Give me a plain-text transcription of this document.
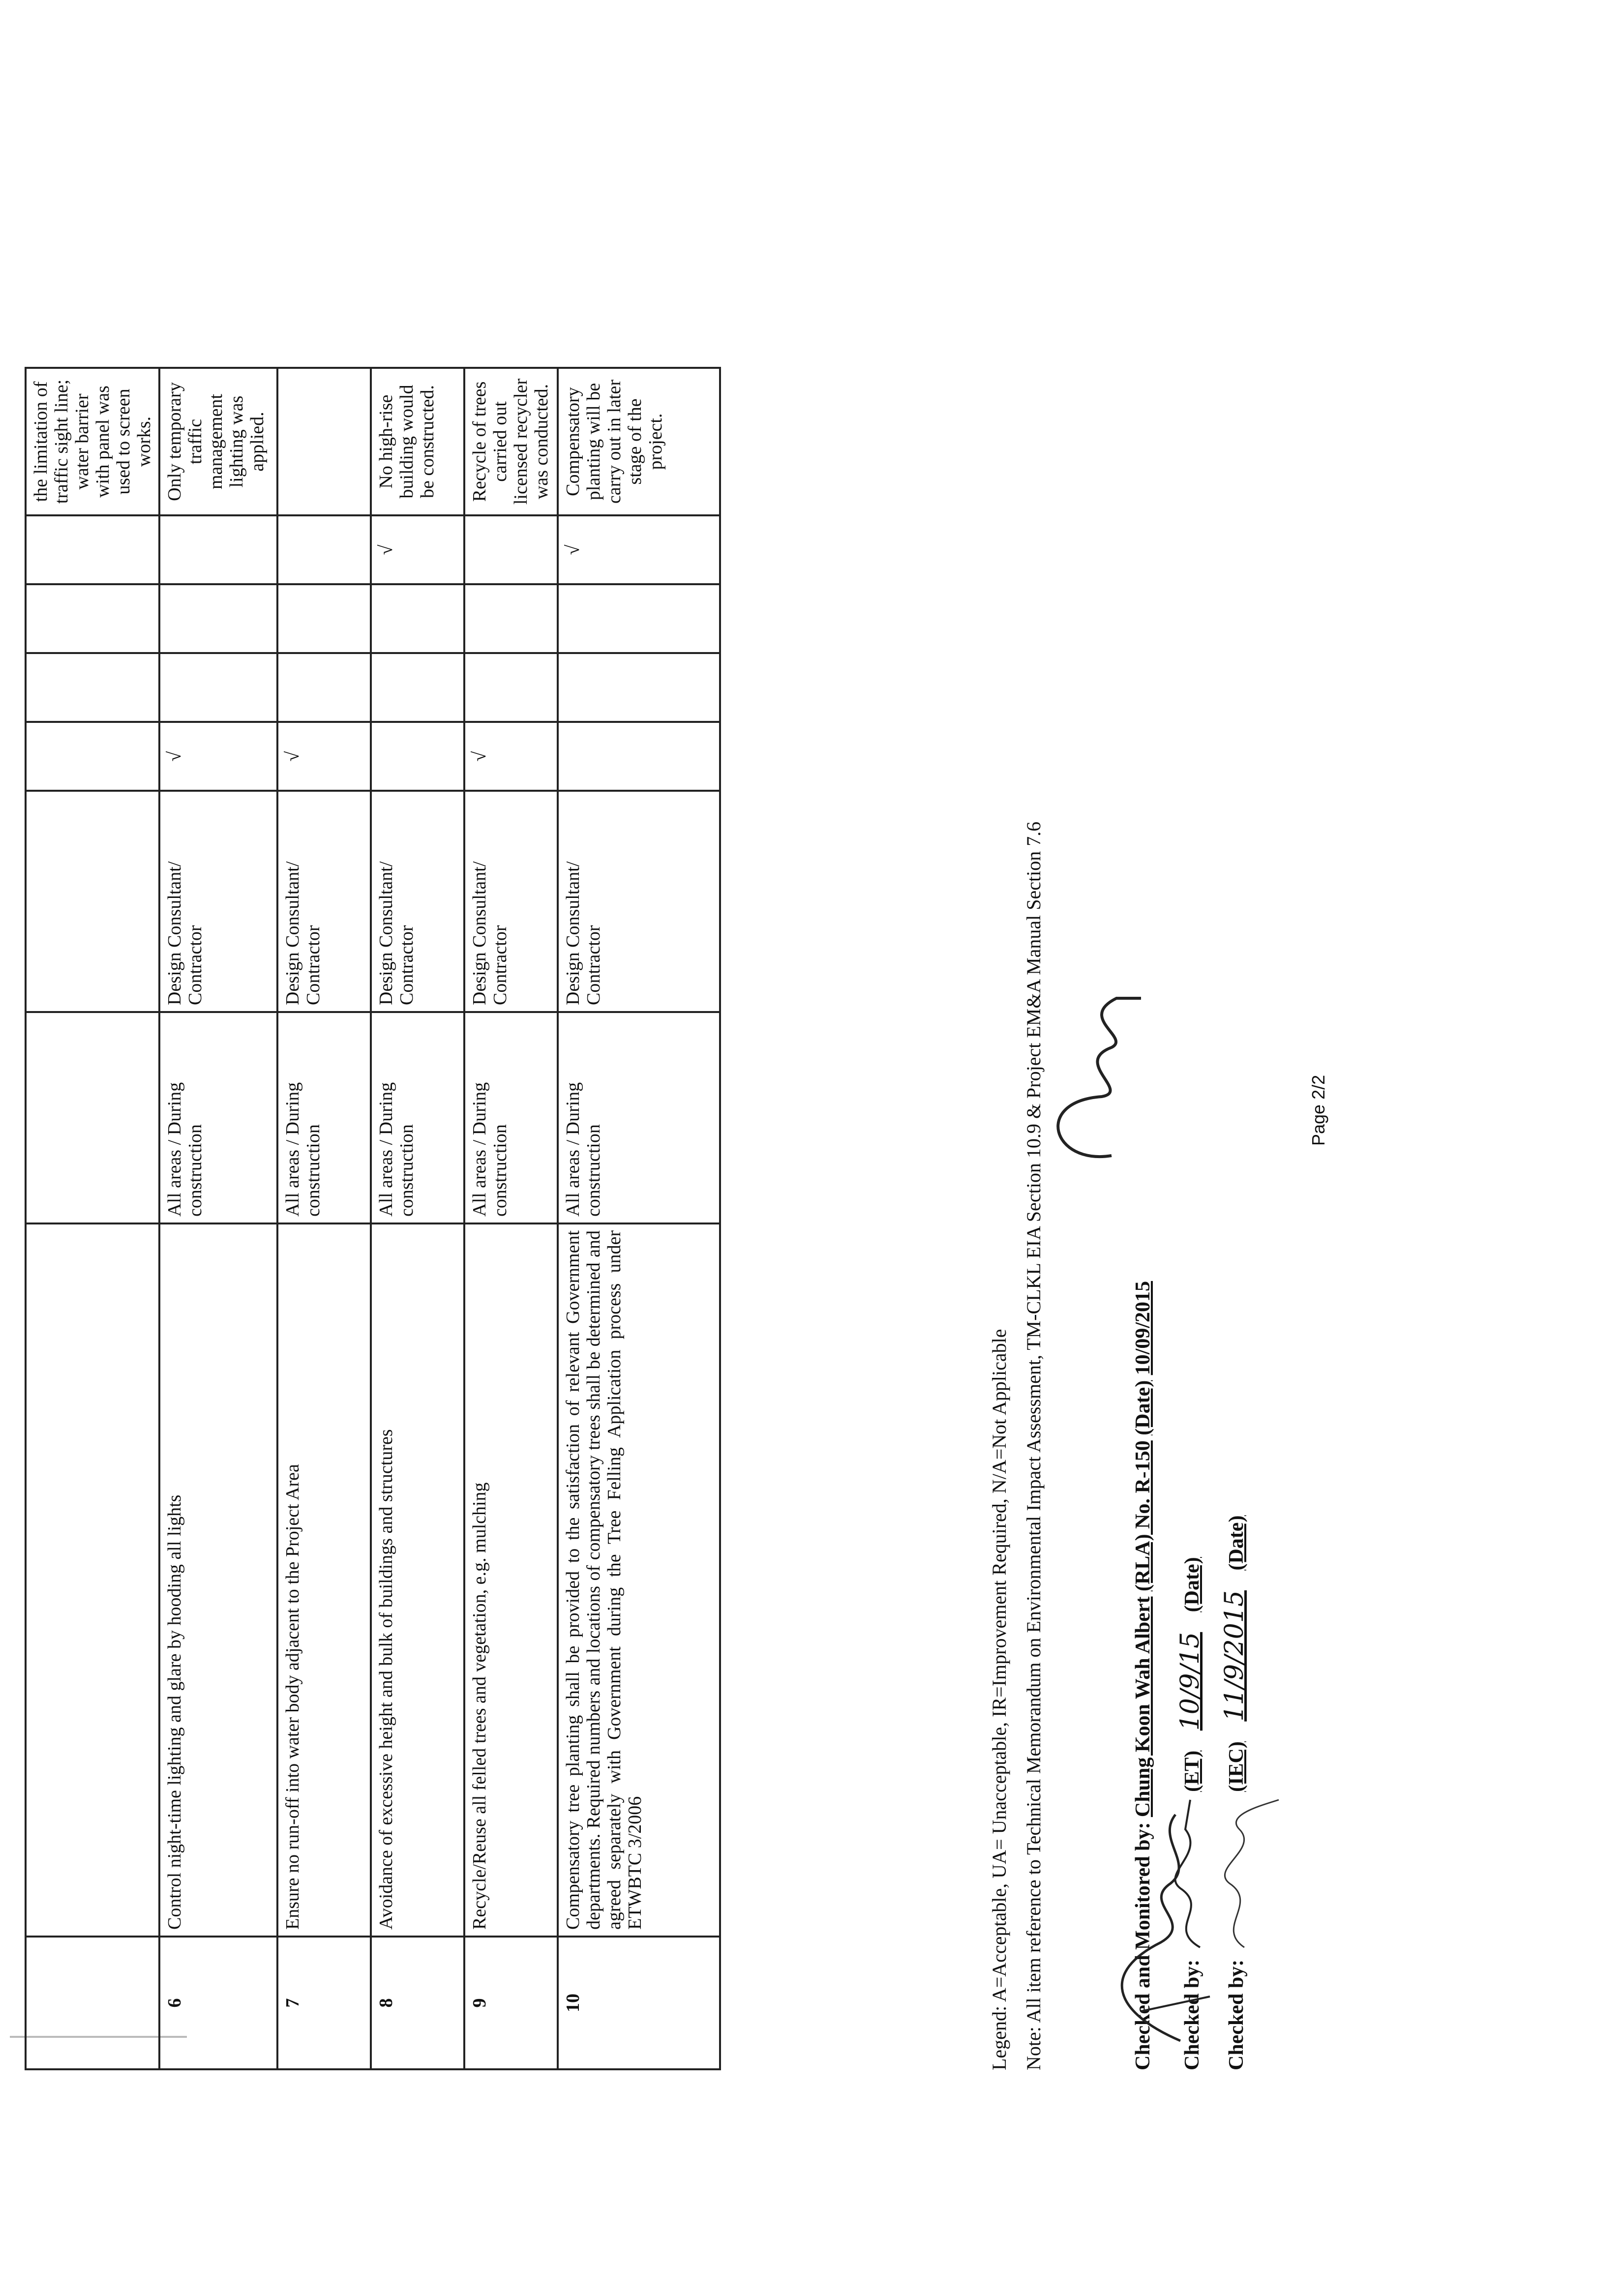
								the limitation of traffic sight line; water barrier with panel was used to screen works.
6	Control night-time lighting and glare by hooding all lights	All areas / During construction	Design Consultant/ Contractor	√				Only temporary traffic management lighting was applied.
7	Ensure no run-off into water body adjacent to the Project Area	All areas / During construction	Design Consultant/ Contractor	√				
8	Avoidance of excessive height and bulk of buildings and structures	All areas / During construction	Design Consultant/ Contractor				√	No high-rise building would be constructed.
9	Recycle/Reuse all felled trees and vegetation, e.g. mulching	All areas / During construction	Design Consultant/ Contractor	√				Recycle of trees carried out licensed recycler was conducted.
10	Compensatory tree planting shall be provided to the satisfaction of relevant Government departments. Required numbers and locations of compensatory trees shall be determined and agreed separately with Government during the Tree Felling Application process under ETWBTC 3/2006	All areas / During construction	Design Consultant/ Contractor				√	Compensatory planting will be carry out in later stage of the project.
Legend: A=Acceptable, UA= Unacceptable, IR=Improvement Required, N/A=Not Applicable Note: All item reference to Technical Memorandum on Environmental Impact Assessment, TM-CLKL EIA Section 10.9 & Project EM&A Manual Section 7.6	Checked and Monitored by: Chung Koon Wah Albert (RLA) No. R-150 (Date) 10/09/2015
Checked by:  (ET) 10/9/15 (Date)
Checked by:  (IEC) 11/9/2015 (Date)
Page 2/2
